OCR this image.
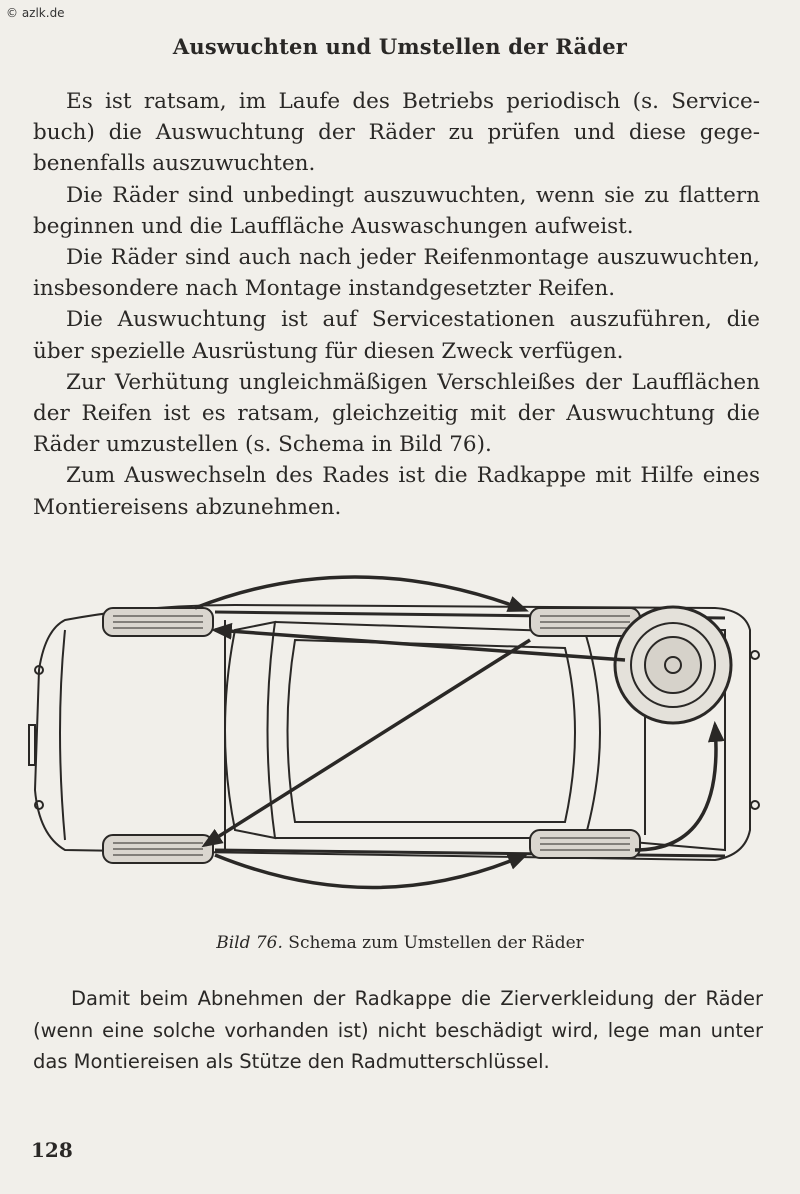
© azlk.de
Auswuchten und Umstellen der Räder

Es ist ratsam, im Laufe des Betriebs periodisch (s. Servicebuch) die Auswuchtung der Räder zu prüfen und diese gegebenenfalls auszuwuchten.

Die Räder sind unbedingt auszuwuchten, wenn sie zu flattern beginnen und die Lauffläche Auswaschungen aufweist.

Die Räder sind auch nach jeder Reifenmontage auszuwuchten, insbesondere nach Montage instandgesetzter Reifen.

Die Auswuchtung ist auf Servicestationen auszuführen, die über spezielle Ausrüstung für diesen Zweck verfügen.

Zur Verhütung ungleichmäßigen Verschleißes der Laufflächen der Reifen ist es ratsam, gleichzeitig mit der Auswuchtung die Räder umzustellen (s. Schema in Bild 76).

Zum Auswechseln des Rades ist die Radkappe mit Hilfe eines Montiereisens abzunehmen.

Bild 76. Schema zum Umstellen der Räder

Damit beim Abnehmen der Radkappe die Zierverkleidung der Räder (wenn eine solche vorhanden ist) nicht beschädigt wird, lege man unter das Montiereisen als Stütze den Radmutterschlüssel.

128
